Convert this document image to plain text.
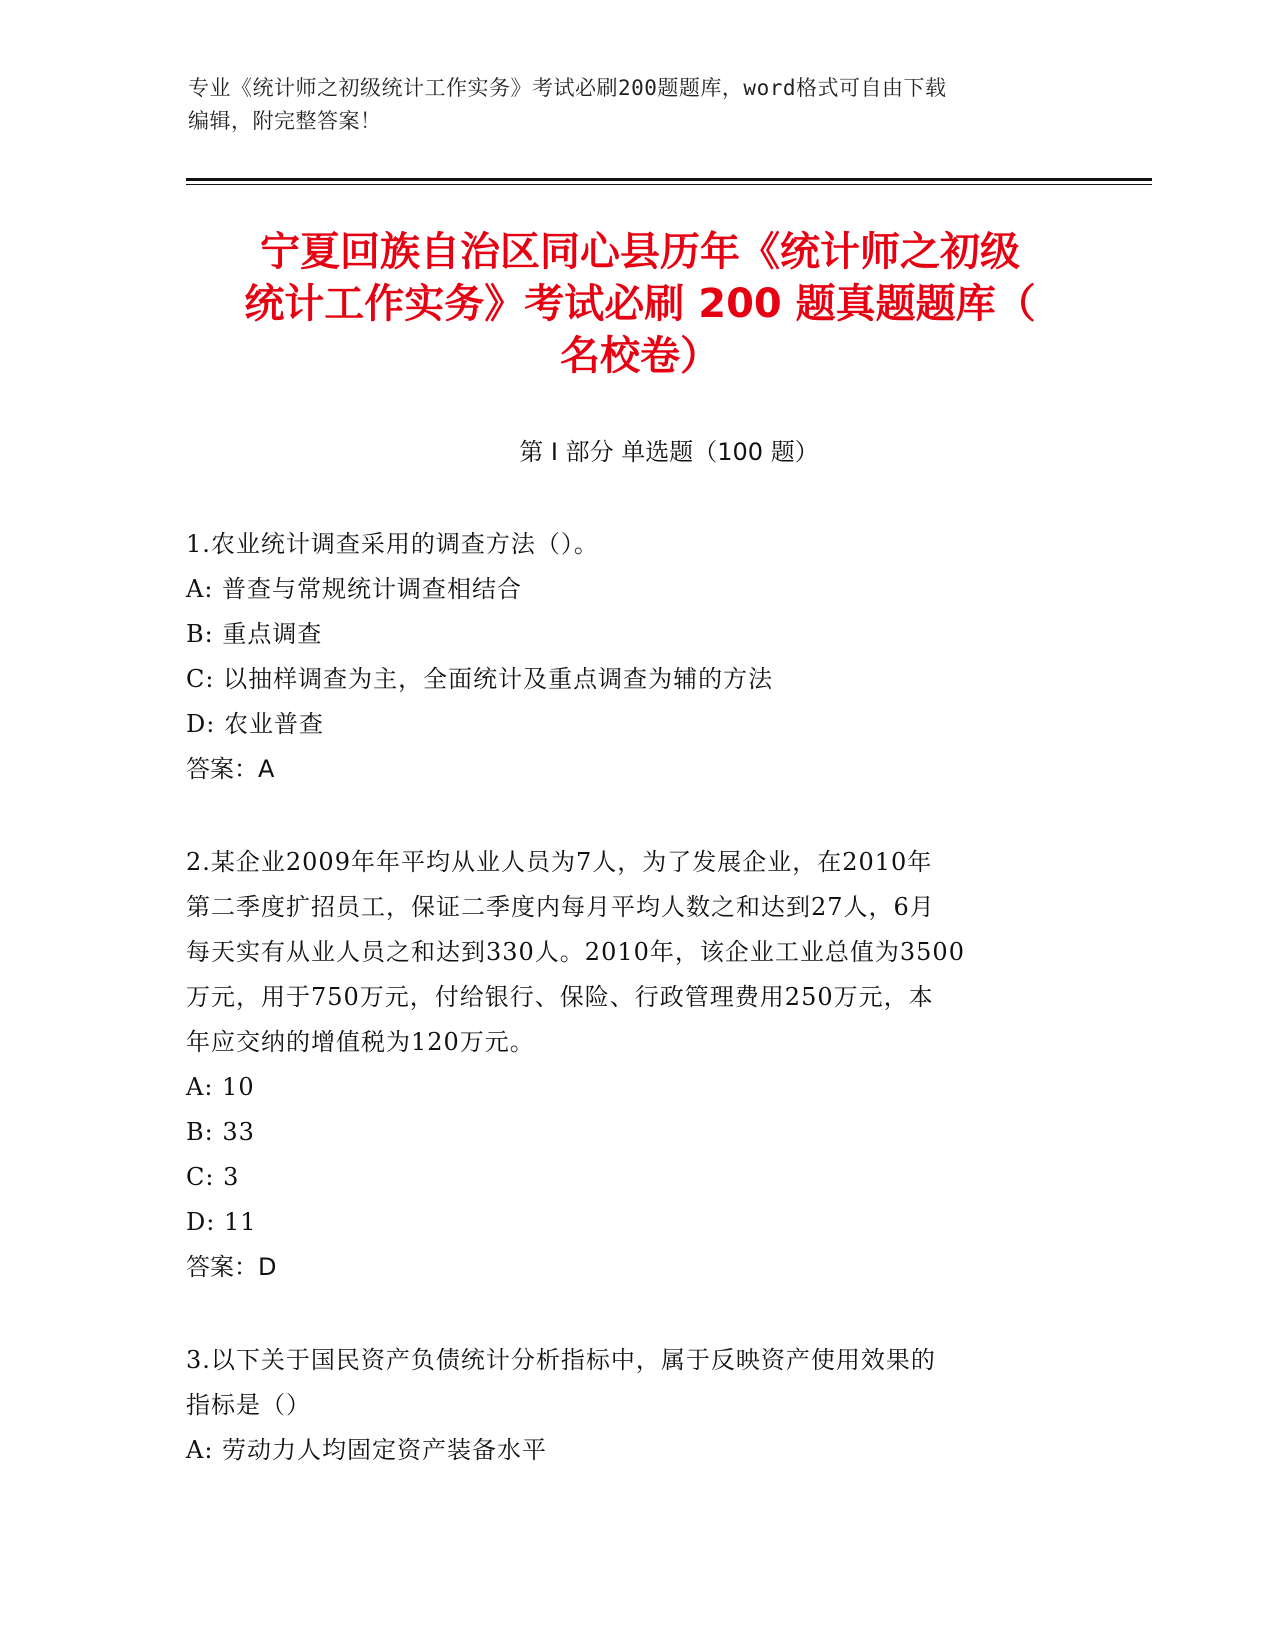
专业《统计师之初级统计工作实务》考试必刷200题题库，word格式可自由下载
编辑，附完整答案！
宁夏回族自治区同心县历年《统计师之初级
统计工作实务》考试必刷 200 题真题题库（
名校卷）
第 I 部分 单选题（100 题）
1.农业统计调查采用的调查方法（）。
A: 普查与常规统计调查相结合
B: 重点调查
C: 以抽样调查为主，全面统计及重点调查为辅的方法
D: 农业普查
答案：A
2.某企业2009年年平均从业人员为7人，为了发展企业，在2010年
第二季度扩招员工，保证二季度内每月平均人数之和达到27人，6月
每天实有从业人员之和达到330人。2010年，该企业工业总值为3500
万元，用于750万元，付给银行、保险、行政管理费用250万元，本
年应交纳的增值税为120万元。
A: 10
B: 33
C: 3
D: 11
答案：D
3.以下关于国民资产负债统计分析指标中，属于反映资产使用效果的
指标是（）
A: 劳动力人均固定资产装备水平
